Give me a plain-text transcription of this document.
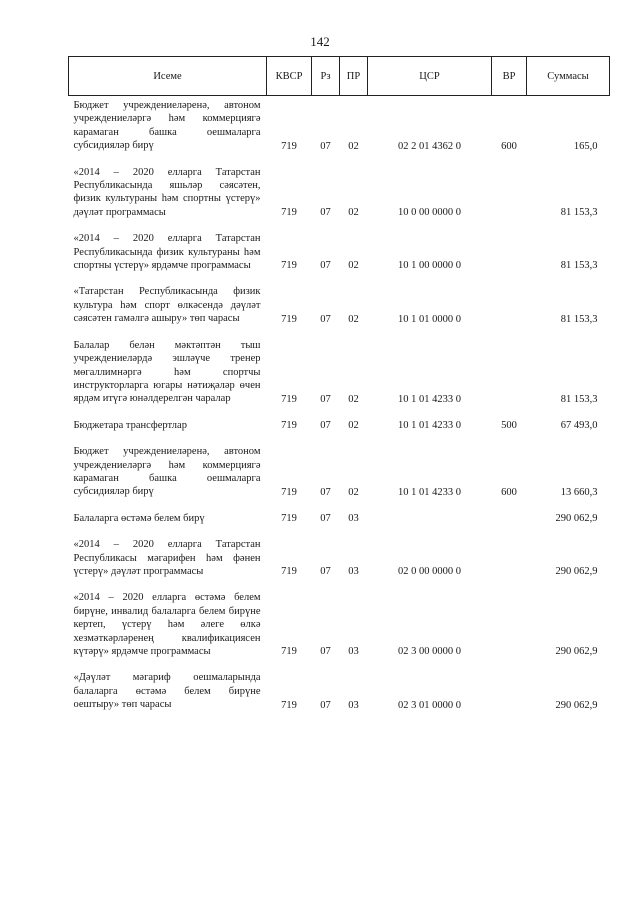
142
Исеме	КВСР	Рз	ПР	ЦСР	ВР	Суммасы
Бюджет учреждениеләренә, автоном учреждениеләргә һәм коммерциягә карамаган башка оешмаларга субсидияләр бирү	719	07	02	02 2 01 4362 0	600	165,0

«2014 – 2020 елларга Татарстан Республикасында яшьләр сәясәтен, физик культураны һәм спортны үстерү» дәүләт программасы	719	07	02	10 0 00 0000 0		81 153,3

«2014 – 2020 елларга Татарстан Республикасында физик культураны һәм спортны үстерү» ярдәмче программасы	719	07	02	10 1 00 0000 0		81 153,3

«Татарстан Республикасында физик культура һәм спорт өлкәсендә дәүләт сәясәтен гамәлгә ашыру» төп чарасы	719	07	02	10 1 01 0000 0		81 153,3

Балалар белән мәктәптән тыш учреждениеләрдә эшләүче тренер мөгаллимнәргә һәм спортчы инструкторларга югары нәтиҗәләр өчен ярдәм итүгә юнәлдерелгән чаралар	719	07	02	10 1 01 4233 0		81 153,3

Бюджетара трансфертлар	719	07	02	10 1 01 4233 0	500	67 493,0

Бюджет учреждениеләренә, автоном учреждениеләргә һәм коммерциягә карамаган башка оешмаларга субсидияләр бирү	719	07	02	10 1 01 4233 0	600	13 660,3

Балаларга өстәмә белем бирү	719	07	03			290 062,9

«2014 – 2020 елларга Татарстан Республикасы мәгарифен һәм фәнен үстерү» дәүләт программасы	719	07	03	02 0 00 0000 0		290 062,9

«2014 – 2020 елларга өстәмә белем бирүне, инвалид балаларга белем бирүне кертеп, үстерү һәм әлеге өлкә хезмәткәрләренең квалификациясен күтәрү» ярдәмче программасы	719	07	03	02 3 00 0000 0		290 062,9

«Дәүләт мәгариф оешмаларында балаларга өстәмә белем бирүне оештыру» төп чарасы	719	07	03	02 3 01 0000 0		290 062,9
